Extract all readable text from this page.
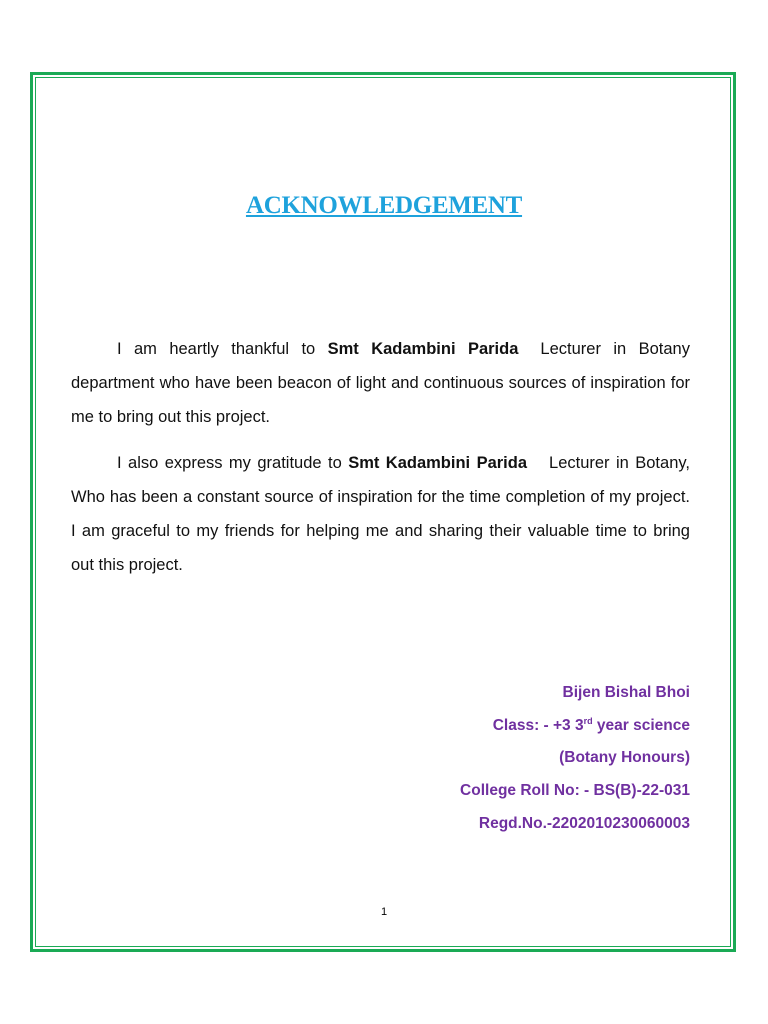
ACKNOWLEDGEMENT

I am heartly thankful to Smt Kadambini Parida Lecturer in Botany department who have been beacon of light and continuous sources of inspiration for me to bring out this project.

I also express my gratitude to Smt Kadambini Parida Lecturer in Botany, Who has been a constant source of inspiration for the time completion of my project. I am graceful to my friends for helping me and sharing their valuable time to bring out this project.

Bijen Bishal Bhoi
Class: - +3 3rd year science
(Botany Honours)
College Roll No: - BS(B)-22-031
Regd.No.-2202010230060003
1
